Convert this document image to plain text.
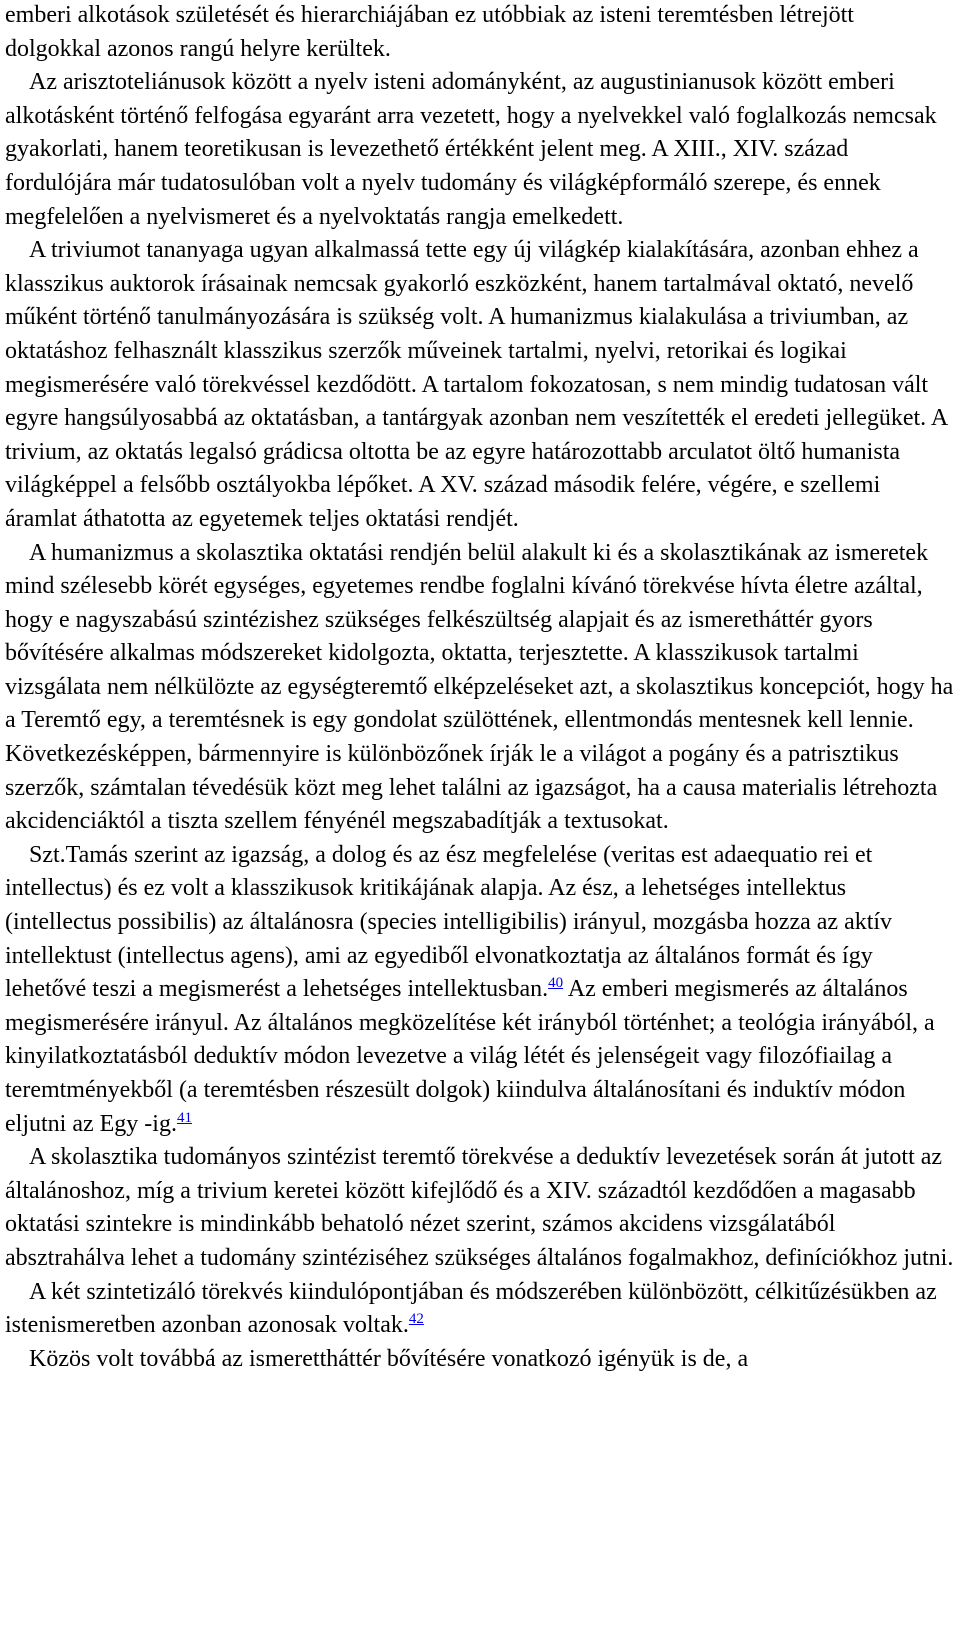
emberi alkotások születését és hierarchiájában ez utóbbiak az isteni teremtésben létrejött dolgokkal azonos rangú helyre kerültek.

Az arisztoteliánusok között a nyelv isteni adományként, az augustinianusok között emberi alkotásként történő felfogása egyaránt arra vezetett, hogy a nyelvekkel való foglalkozás nemcsak gyakorlati, hanem teoretikusan is levezethető értékként jelent meg. A XIII., XIV. század fordulójára már tudatosulóban volt a nyelv tudomány és világképformáló szerepe, és ennek megfelelően a nyelvismeret és a nyelvoktatás rangja emelkedett.

A triviumot tananyaga ugyan alkalmassá tette egy új világkép kialakítására, azonban ehhez a klasszikus auktorok írásainak nemcsak gyakorló eszközként, hanem tartalmával oktató, nevelő műként történő tanulmányozására is szükség volt. A humanizmus kialakulása a triviumban, az oktatáshoz felhasznált klasszikus szerzők műveinek tartalmi, nyelvi, retorikai és logikai megismerésére való törekvéssel kezdődött. A tartalom fokozatosan, s nem mindig tudatosan vált egyre hangsúlyosabbá az oktatásban, a tantárgyak azonban nem veszítették el eredeti jellegüket. A trivium, az oktatás legalsó grádicsa oltotta be az egyre határozottabb arculatot öltő humanista világképpel a felsőbb osztályokba lépőket. A XV. század második felére, végére, e szellemi áramlat áthatotta az egyetemek teljes oktatási rendjét.

A humanizmus a skolasztika oktatási rendjén belül alakult ki és a skolasztikának az ismeretek mind szélesebb körét egységes, egyetemes rendbe foglalni kívánó törekvése hívta életre azáltal, hogy e nagyszabású szintézishez szükséges felkészültség alapjait és az ismeretháttér gyors bővítésére alkalmas módszereket kidolgozta, oktatta, terjesztette. A klasszikusok tartalmi vizsgálata nem nélkülözte az egységteremtő elképzeléseket azt, a skolasztikus koncepciót, hogy ha a Teremtő egy, a teremtésnek is egy gondolat szülöttének, ellentmondás mentesnek kell lennie. Következésképpen, bármennyire is különbözőnek írják le a világot a pogány és a patrisztikus szerzők, számtalan tévedésük közt meg lehet találni az igazságot, ha a causa materialis létrehozta akcidenciáktól a tiszta szellem fényénél megszabadítják a textusokat.

Szt.Tamás szerint az igazság, a dolog és az ész megfelelése (veritas est adaequatio rei et intellectus) és ez volt a klasszikusok kritikájának alapja. Az ész, a lehetséges intellektus (intellectus possibilis) az általánosra (species intelligibilis) irányul, mozgásba hozza az aktív intellektust (intellectus agens), ami az egyediből elvonatkoztatja az általános formát és így lehetővé teszi a megismerést a lehetséges intellektusban.$^{40}$ Az emberi megismerés az általános megismerésére irányul. Az általános megközelítése két irányból történhet; a teológia irányából, a kinyilatkoztatásból deduktív módon levezetve a világ létét és jelenségeit vagy filozófiailag a teremtményekből (a teremtésben részesült dolgok) kiindulva általánosítani és induktív módon eljutni az Egy -ig.$^{41}$

A skolasztika tudományos szintézist teremtő törekvése a deduktív levezetések során át jutott az általánoshoz, míg a trivium keretei között kifejlődő és a XIV. századtól kezdődően a magasabb oktatási szintekre is mindinkább behatoló nézet szerint, számos akcidens vizsgálatából absztrahálva lehet a tudomány szintéziséhez szükséges általános fogalmakhoz, definíciókhoz jutni.

A két szintetizáló törekvés kiindulópontjában és módszerében különbözött, célkitűzésükben az istenismeretben azonban azonosak voltak.$^{42}$

Közös volt továbbá az ismerettháttér bővítésére vonatkozó igényük is de, a
